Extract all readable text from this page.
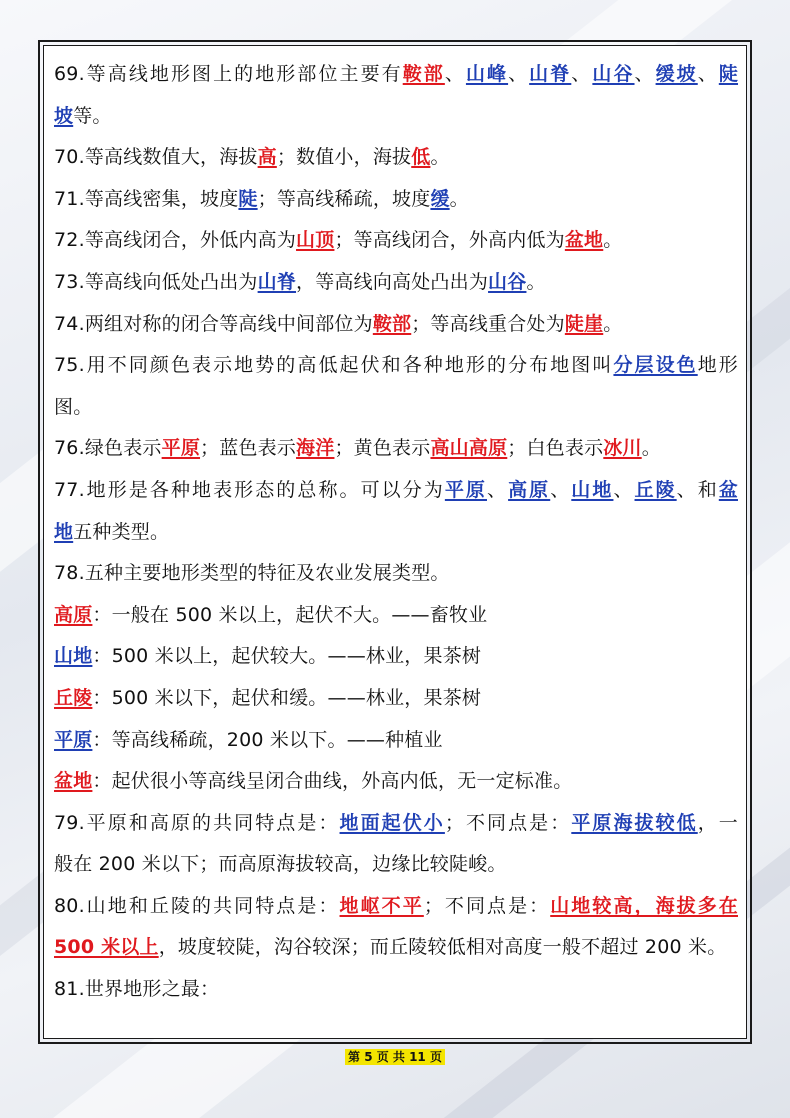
69.等高线地形图上的地形部位主要有鞍部、山峰、山脊、山谷、缓坡、陡
坡等。
70.等高线数值大，海拔高；数值小，海拔低。
71.等高线密集，坡度陡；等高线稀疏，坡度缓。
72.等高线闭合，外低内高为山顶；等高线闭合，外高内低为盆地。
73.等高线向低处凸出为山脊，等高线向高处凸出为山谷。
74.两组对称的闭合等高线中间部位为鞍部；等高线重合处为陡崖。
75.用不同颜色表示地势的高低起伏和各种地形的分布地图叫分层设色地形
图。
76.绿色表示平原；蓝色表示海洋；黄色表示高山高原；白色表示冰川。
77.地形是各种地表形态的总称。可以分为平原、高原、山地、丘陵、和盆
地五种类型。
78.五种主要地形类型的特征及农业发展类型。
高原：一般在 500 米以上，起伏不大。——畜牧业
山地：500 米以上，起伏较大。——林业，果茶树
丘陵：500 米以下，起伏和缓。——林业，果茶树
平原：等高线稀疏，200 米以下。——种植业
盆地：起伏很小等高线呈闭合曲线，外高内低，无一定标准。
79.平原和高原的共同特点是：地面起伏小；不同点是：平原海拔较低，一
般在 200 米以下；而高原海拔较高，边缘比较陡峻。
80.山地和丘陵的共同特点是：地岖不平；不同点是：山地较高，海拔多在
500 米以上，坡度较陡，沟谷较深；而丘陵较低相对高度一般不超过 200 米。
81.世界地形之最：
第 5 页 共 11 页
